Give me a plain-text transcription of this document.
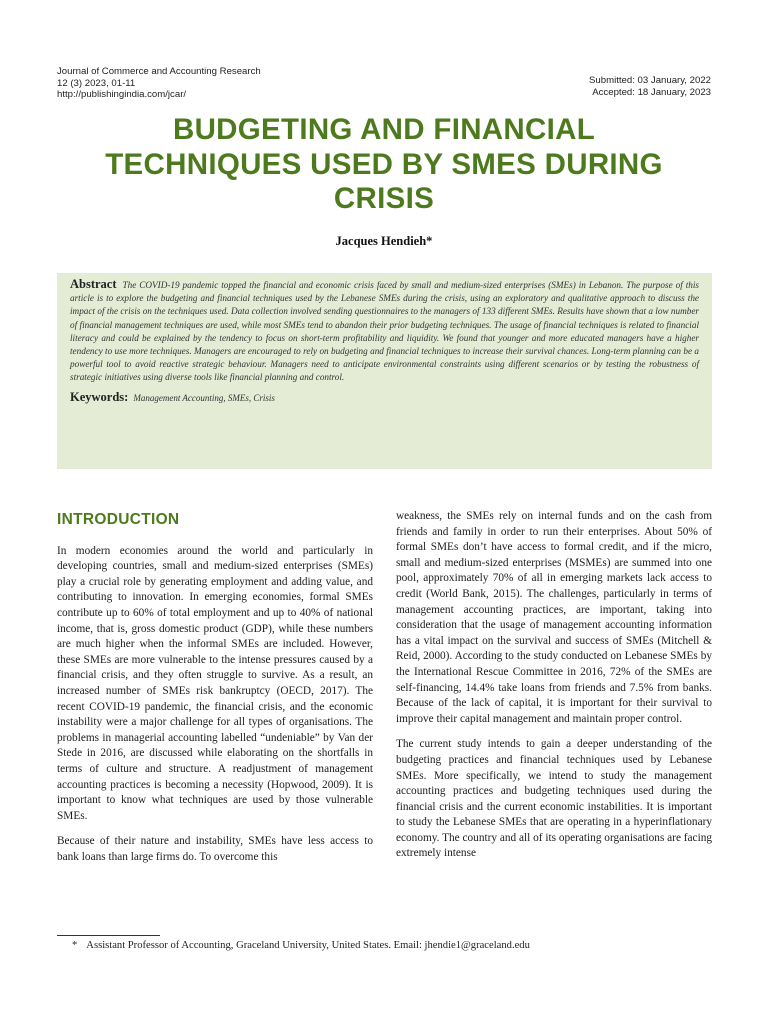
Journal of Commerce and Accounting Research
12 (3) 2023, 01-11
http://publishingindia.com/jcar/
Submitted: 03 January, 2022
Accepted: 18 January, 2023
BUDGETING AND FINANCIAL
TECHNIQUES USED BY SMES DURING
CRISIS
Jacques Hendieh*

Abstract The COVID-19 pandemic topped the financial and economic crisis faced by small and medium-sized enterprises (SMEs) in Lebanon. The purpose of this article is to explore the budgeting and financial techniques used by the Lebanese SMEs during the crisis, using an exploratory and qualitative approach to discuss the impact of the crisis on the techniques used. Data collection involved sending questionnaires to the managers of 133 different SMEs. Results have shown that a low number of financial management techniques are used, while most SMEs tend to abandon their prior budgeting techniques. The usage of financial techniques is related to financial literacy and could be explained by the tendency to focus on short-term profitability and liquidity. We found that younger and more educated managers have a higher tendency to use more techniques. Managers are encouraged to rely on budgeting and financial techniques to increase their survival chances. Long-term planning can be a powerful tool to avoid reactive strategic behaviour. Managers need to anticipate environmental constraints using different scenarios or by testing the robustness of strategic initiatives using diverse tools like financial planning and control.

Keywords: Management Accounting, SMEs, Crisis
INTRODUCTION

In modern economies around the world and particularly in developing countries, small and medium-sized enterprises (SMEs) play a crucial role by generating employment and adding value, and contributing to innovation. In emerging economies, formal SMEs contribute up to 60% of total employment and up to 40% of national income, that is, gross domestic product (GDP), while these numbers are much higher when the informal SMEs are included. However, these SMEs are more vulnerable to the intense pressures caused by a financial crisis, and they often struggle to survive. As a result, an increased number of SMEs risk bankruptcy (OECD, 2017). The recent COVID-19 pandemic, the financial crisis, and the economic instability were a major challenge for all types of organisations. The problems in managerial accounting labelled “undeniable” by Van der Stede in 2016, are discussed while elaborating on the shortfalls in terms of culture and structure. A readjustment of management accounting practices is becoming a necessity (Hopwood, 2009). It is important to know what techniques are used by those vulnerable SMEs.

Because of their nature and instability, SMEs have less access to bank loans than large firms do. To overcome this

weakness, the SMEs rely on internal funds and on the cash from friends and family in order to run their enterprises. About 50% of formal SMEs don’t have access to formal credit, and if the micro, small and medium-sized enterprises (MSMEs) are summed into one pool, approximately 70% of all in emerging markets lack access to credit (World Bank, 2015). The challenges, particularly in terms of management accounting practices, are important, taking into consideration that the usage of management accounting information has a vital impact on the survival and success of SMEs (Mitchell & Reid, 2000). According to the study conducted on Lebanese SMEs by the International Rescue Committee in 2016, 72% of the SMEs are self-financing, 14.4% take loans from friends and 7.5% from banks. Because of the lack of capital, it is important for their survival to improve their capital management and maintain proper control.

The current study intends to gain a deeper understanding of the budgeting practices and financial techniques used by Lebanese SMEs. More specifically, we intend to study the management accounting practices and budgeting techniques used during the financial crisis and the current economic instabilities. It is important to study the Lebanese SMEs that are operating in a hyperinflationary economy. The country and all of its operating organisations are facing extremely intense

* Assistant Professor of Accounting, Graceland University, United States. Email: jhendie1@graceland.edu
